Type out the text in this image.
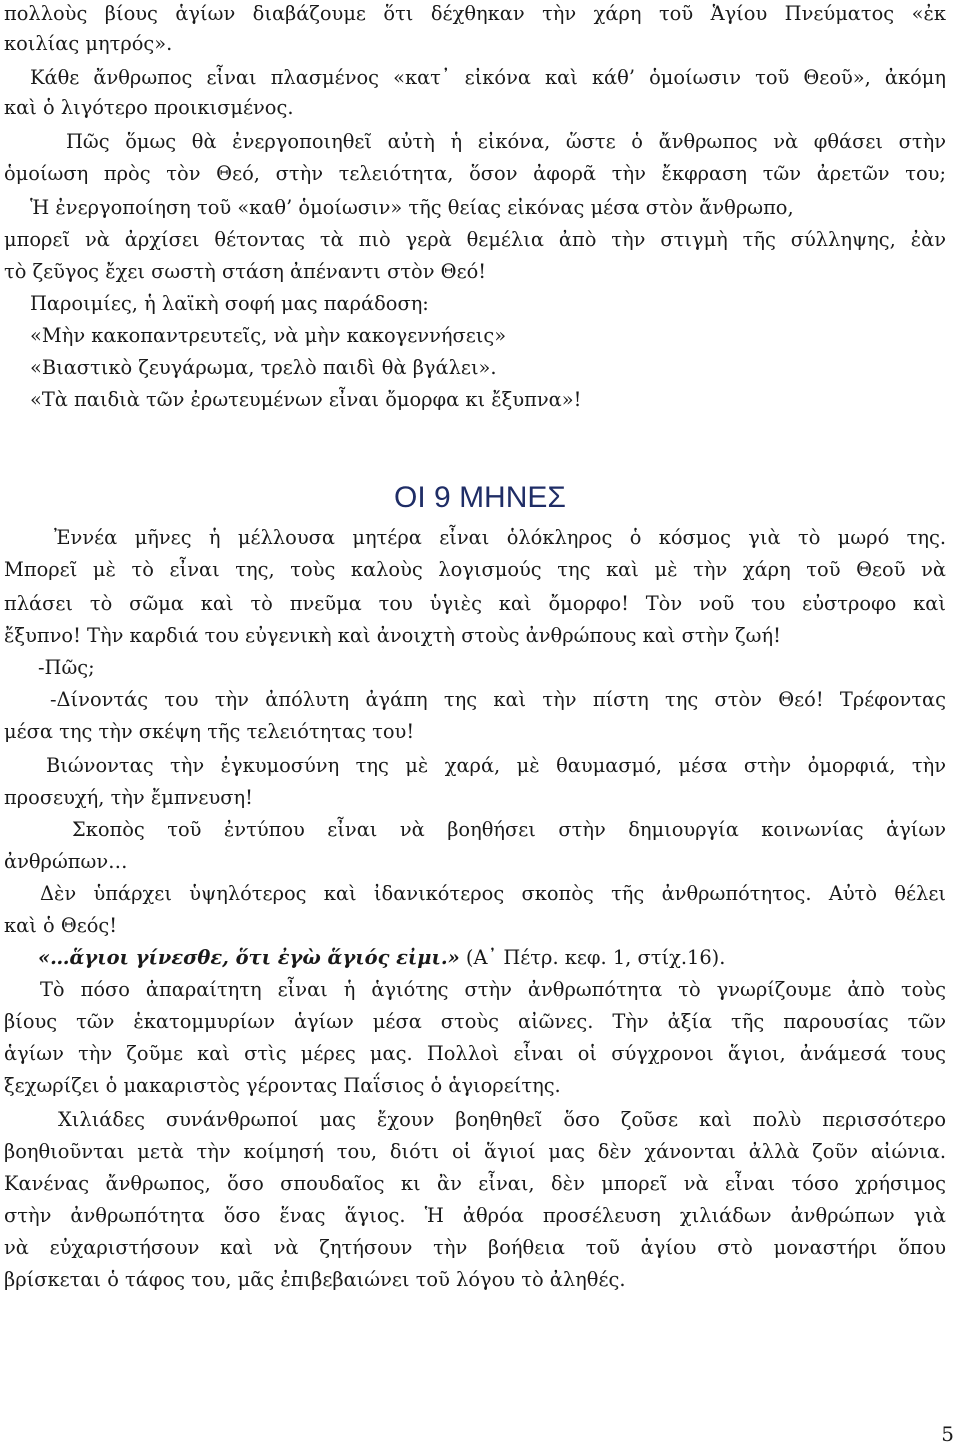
πολλοὺς βίους ἁγίων διαβάζουμε ὅτι δέχθηκαν τὴν χάρη τοῦ Ἁγίου Πνεύματος «ἐκ
κοιλίας μητρός».
Κάθε ἄνθρωπος εἶναι πλασμένος «κατ᾽ εἰκόνα καὶ κάθ’ ὁμοίωσιν τοῦ Θεοῦ», ἀκόμη
καὶ ὁ λιγότερο προικισμένος.
Πῶς ὅμως θὰ ἐνεργοποιηθεῖ αὐτὴ ἡ εἰκόνα, ὥστε ὁ ἄνθρωπος νὰ φθάσει στὴν
ὁμοίωση πρὸς τὸν Θεό, στὴν τελειότητα, ὅσον ἀφορᾶ τὴν ἔκφραση τῶν ἀρετῶν του;
Ἡ ἐνεργοποίηση τοῦ «καθ’ ὁμοίωσιν» τῆς θείας εἰκόνας μέσα στὸν ἄνθρωπο,
μπορεῖ νὰ ἀρχίσει θέτοντας τὰ πιὸ γερὰ θεμέλια ἀπὸ τὴν στιγμὴ τῆς σύλληψης, ἐὰν
τὸ ζεῦγος ἔχει σωστὴ στάση ἀπέναντι στὸν Θεό!
Παροιμίες, ἡ λαϊκὴ σοφή μας παράδοση:
«Μὴν κακοπαντρευτεῖς, νὰ μὴν κακογεννήσεις»
«Βιαστικὸ ζευγάρωμα, τρελὸ παιδὶ θὰ βγάλει».
«Τὰ παιδιὰ τῶν ἐρωτευμένων εἶναι ὄμορφα κι ἔξυπνα»!
ΟΙ 9 ΜΗΝΕΣ
Ἐννέα μῆνες ἡ μέλλουσα μητέρα εἶναι ὁλόκληρος ὁ κόσμος γιὰ τὸ μωρό της.
Μπορεῖ μὲ τὸ εἶναι της, τοὺς καλοὺς λογισμούς της καὶ μὲ τὴν χάρη τοῦ Θεοῦ νὰ
πλάσει τὸ σῶμα καὶ τὸ πνεῦμα του ὑγιὲς καὶ ὄμορφο! Τὸν νοῦ του εὐστροφο καὶ
ἔξυπνο! Τὴν καρδιά του εὐγενικὴ καὶ ἀνοιχτὴ στοὺς ἀνθρώπους καὶ στὴν ζωή!
-Πῶς;
-Δίνοντάς του τὴν ἀπόλυτη ἀγάπη της καὶ τὴν πίστη της στὸν Θεό! Τρέφοντας
μέσα της τὴν σκέψη τῆς τελειότητας του!
Βιώνοντας τὴν ἐγκυμοσύνη της μὲ χαρά, μὲ θαυμασμό, μέσα στὴν ὀμορφιά, τὴν
προσευχή, τὴν ἔμπνευση!
Σκοπὸς τοῦ ἐντύπου εἶναι νὰ βοηθήσει στὴν δημιουργία κοινωνίας ἁγίων
ἀνθρώπων…
Δὲν ὑπάρχει ὑψηλότερος καὶ ἰδανικότερος σκοπὸς τῆς ἀνθρωπότητος. Αὐτὸ θέλει
καὶ ὁ Θεός!
«…ἅγιοι γίνεσθε, ὅτι ἐγὼ ἅγιός εἰμι.» (Α᾽ Πέτρ. κεφ. 1, στίχ.16).
Τὸ πόσο ἀπαραίτητη εἶναι ἡ ἁγιότης στὴν ἀνθρωπότητα τὸ γνωρίζουμε ἀπὸ τοὺς
βίους τῶν ἑκατομμυρίων ἁγίων μέσα στοὺς αἰῶνες. Τὴν ἀξία τῆς παρουσίας τῶν
ἁγίων τὴν ζοῦμε καὶ στὶς μέρες μας. Πολλοὶ εἶναι οἱ σύγχρονοι ἅγιοι, ἀνάμεσά τους
ξεχωρίζει ὁ μακαριστὸς γέροντας Παΐσιος ὁ ἁγιορείτης.
Χιλιάδες συνάνθρωποί μας ἔχουν βοηθηθεῖ ὅσο ζοῦσε καὶ πολὺ περισσότερο
βοηθιοῦνται μετὰ τὴν κοίμησή του, διότι οἱ ἅγιοί μας δὲν χάνονται ἀλλὰ ζοῦν αἰώνια.
Κανένας ἄνθρωπος, ὅσο σπουδαῖος κι ἂν εἶναι, δὲν μπορεῖ νὰ εἶναι τόσο χρήσιμος
στὴν ἀνθρωπότητα ὅσο ἕνας ἅγιος. Ἡ ἀθρόα προσέλευση χιλιάδων ἀνθρώπων γιὰ
νὰ εὐχαριστήσουν καὶ νὰ ζητήσουν τὴν βοήθεια τοῦ ἁγίου στὸ μοναστήρι ὅπου
βρίσκεται ὁ τάφος του, μᾶς ἐπιβεβαιώνει τοῦ λόγου τὸ ἀληθές.
5
